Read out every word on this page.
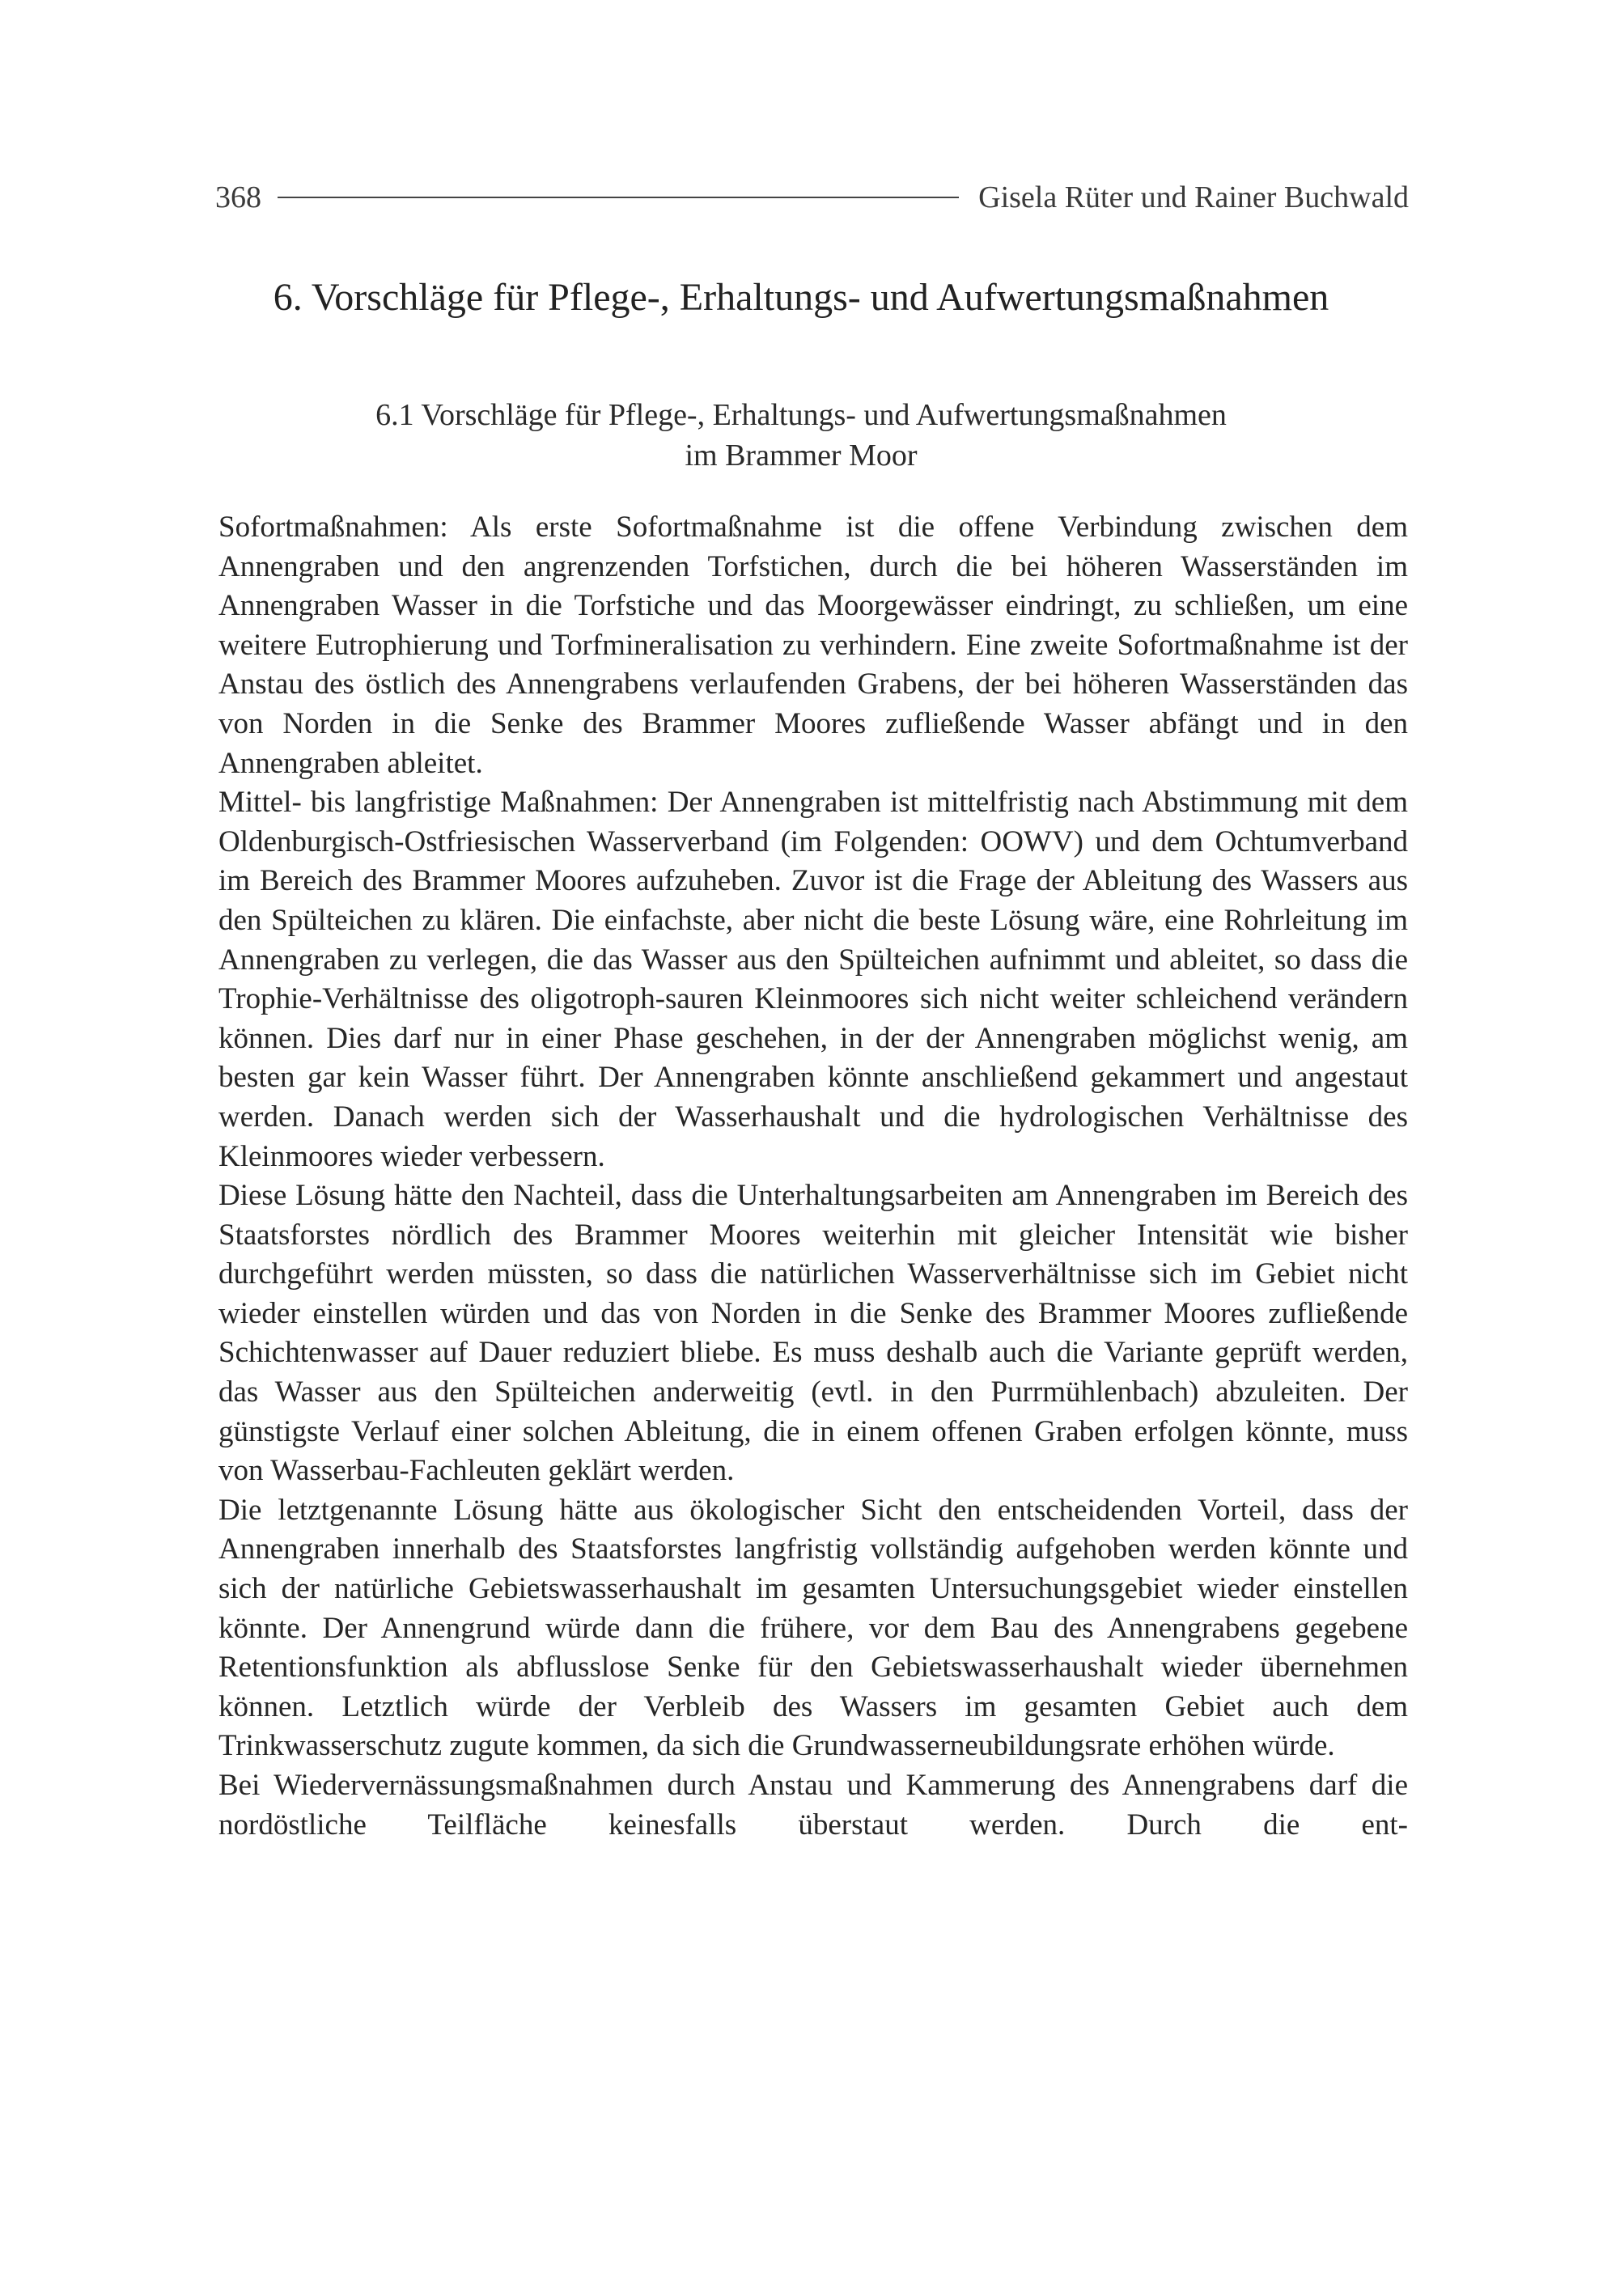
368	Gisela Rüter und Rainer Buchwald
6. Vorschläge für Pflege-, Erhaltungs- und Aufwertungsmaßnahmen
6.1 Vorschläge für Pflege-, Erhaltungs- und Aufwertungsmaßnahmen
im Brammer Moor

Sofortmaßnahmen: Als erste Sofortmaßnahme ist die offene Verbindung zwischen dem Annengraben und den angrenzenden Torfstichen, durch die bei höheren Wasserständen im Annengraben Wasser in die Torfstiche und das Moorgewässer eindringt, zu schließen, um eine weitere Eutrophierung und Torfmineralisation zu verhindern. Eine zweite Sofortmaßnahme ist der Anstau des östlich des Annengrabens verlaufenden Grabens, der bei höheren Wasserständen das von Norden in die Senke des Brammer Moores zufließende Wasser abfängt und in den Annengraben ableitet.

Mittel- bis langfristige Maßnahmen: Der Annengraben ist mittelfristig nach Abstimmung mit dem Oldenburgisch-Ostfriesischen Wasserverband (im Folgenden: OOWV) und dem Ochtumverband im Bereich des Brammer Moores aufzuheben. Zuvor ist die Frage der Ableitung des Wassers aus den Spülteichen zu klären. Die einfachste, aber nicht die beste Lösung wäre, eine Rohrleitung im Annengraben zu verlegen, die das Wasser aus den Spülteichen aufnimmt und ableitet, so dass die Trophie-Verhältnisse des oligotroph-sauren Kleinmoores sich nicht weiter schleichend verändern können. Dies darf nur in einer Phase geschehen, in der der Annengraben möglichst wenig, am besten gar kein Wasser führt. Der Annengraben könnte anschließend gekammert und angestaut werden. Danach werden sich der Wasserhaushalt und die hydrologischen Verhältnisse des Kleinmoores wieder verbessern.

Diese Lösung hätte den Nachteil, dass die Unterhaltungsarbeiten am Annengraben im Bereich des Staatsforstes nördlich des Brammer Moores weiterhin mit gleicher Intensität wie bisher durchgeführt werden müssten, so dass die natürlichen Wasserverhältnisse sich im Gebiet nicht wieder einstellen würden und das von Norden in die Senke des Brammer Moores zufließende Schichtenwasser auf Dauer reduziert bliebe. Es muss deshalb auch die Variante geprüft werden, das Wasser aus den Spülteichen anderweitig (evtl. in den Purrmühlenbach) abzuleiten. Der günstigste Verlauf einer solchen Ableitung, die in einem offenen Graben erfolgen könnte, muss von Wasserbau-Fachleuten geklärt werden.

Die letztgenannte Lösung hätte aus ökologischer Sicht den entscheidenden Vorteil, dass der Annengraben innerhalb des Staatsforstes langfristig vollständig aufgehoben werden könnte und sich der natürliche Gebietswasserhaushalt im gesamten Untersuchungsgebiet wieder einstellen könnte. Der Annengrund würde dann die frühere, vor dem Bau des Annengrabens gegebene Retentionsfunktion als abflusslose Senke für den Gebietswasserhaushalt wieder übernehmen können. Letztlich würde der Verbleib des Wassers im gesamten Gebiet auch dem Trinkwasserschutz zugute kommen, da sich die Grundwasserneubildungsrate erhöhen würde.

Bei Wiedervernässungsmaßnahmen durch Anstau und Kammerung des Annengrabens darf die nordöstliche Teilfläche keinesfalls überstaut werden. Durch die ent-
